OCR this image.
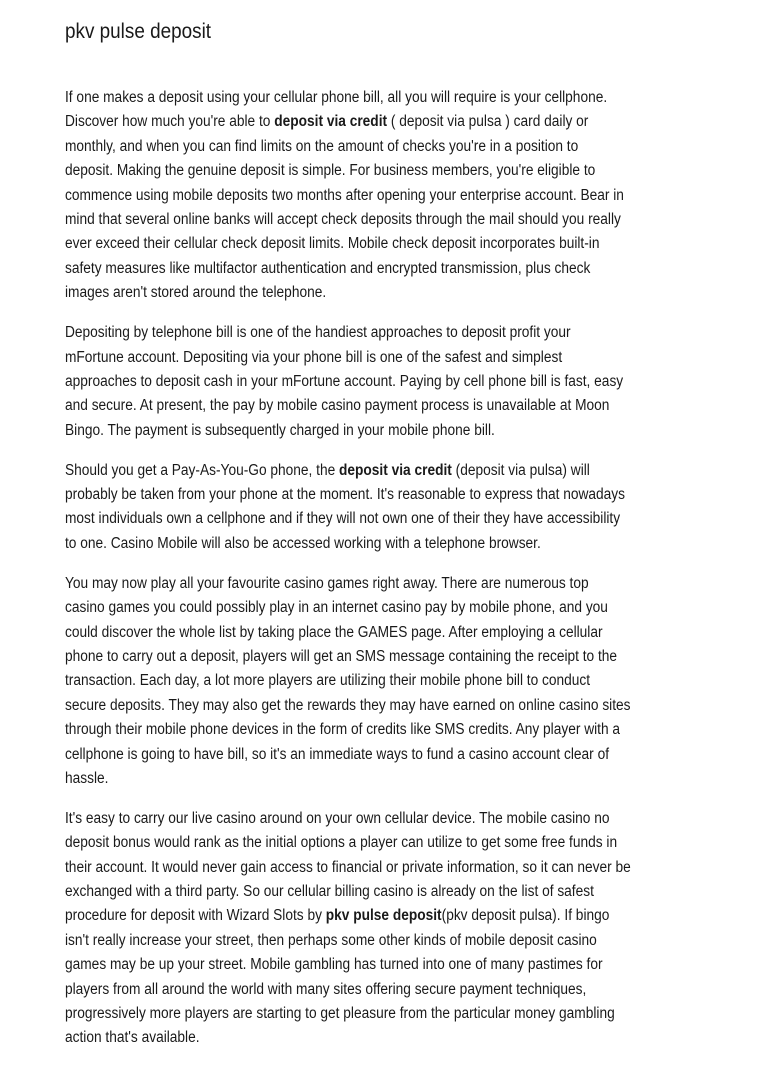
pkv pulse deposit

If one makes a deposit using your cellular phone bill, all you will require is your cellphone.
Discover how much you're able to deposit via credit ( deposit via pulsa ) card daily or
monthly, and when you can find limits on the amount of checks you're in a position to
deposit. Making the genuine deposit is simple. For business members, you're eligible to
commence using mobile deposits two months after opening your enterprise account. Bear in
mind that several online banks will accept check deposits through the mail should you really
ever exceed their cellular check deposit limits. Mobile check deposit incorporates built-in
safety measures like multifactor authentication and encrypted transmission, plus check
images aren't stored around the telephone.

Depositing by telephone bill is one of the handiest approaches to deposit profit your
mFortune account. Depositing via your phone bill is one of the safest and simplest
approaches to deposit cash in your mFortune account. Paying by cell phone bill is fast, easy
and secure. At present, the pay by mobile casino payment process is unavailable at Moon
Bingo. The payment is subsequently charged in your mobile phone bill.

Should you get a Pay-As-You-Go phone, the deposit via credit (deposit via pulsa) will
probably be taken from your phone at the moment. It's reasonable to express that nowadays
most individuals own a cellphone and if they will not own one of their they have accessibility
to one. Casino Mobile will also be accessed working with a telephone browser.

You may now play all your favourite casino games right away. There are numerous top
casino games you could possibly play in an internet casino pay by mobile phone, and you
could discover the whole list by taking place the GAMES page. After employing a cellular
phone to carry out a deposit, players will get an SMS message containing the receipt to the
transaction. Each day, a lot more players are utilizing their mobile phone bill to conduct
secure deposits. They may also get the rewards they may have earned on online casino sites
through their mobile phone devices in the form of credits like SMS credits. Any player with a
cellphone is going to have bill, so it's an immediate ways to fund a casino account clear of
hassle.

It's easy to carry our live casino around on your own cellular device. The mobile casino no
deposit bonus would rank as the initial options a player can utilize to get some free funds in
their account. It would never gain access to financial or private information, so it can never be
exchanged with a third party. So our cellular billing casino is already on the list of safest
procedure for deposit with Wizard Slots by pkv pulse deposit(pkv deposit pulsa). If bingo
isn't really increase your street, then perhaps some other kinds of mobile deposit casino
games may be up your street. Mobile gambling has turned into one of many pastimes for
players from all around the world with many sites offering secure payment techniques,
progressively more players are starting to get pleasure from the particular money gambling
action that's available.
